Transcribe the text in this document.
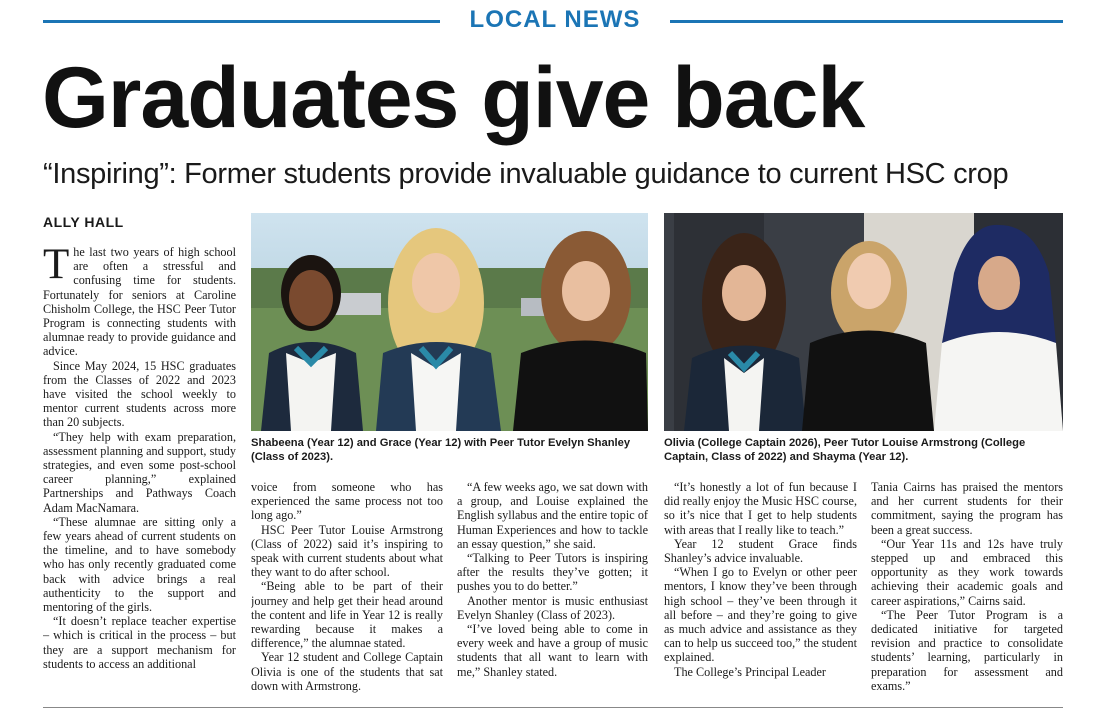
LOCAL NEWS
Graduates give back
“Inspiring”: Former students provide invaluable guidance to current HSC crop
ALLY HALL
T he last two years of high school are often a stressful and confusing time for students. Fortunately for seniors at Caroline Chisholm College, the HSC Peer Tutor Program is connecting students with alumnae ready to provide guidance and advice.

Since May 2024, 15 HSC graduates from the Classes of 2022 and 2023 have visited the school weekly to mentor current students across more than 20 subjects.

“They help with exam preparation, assessment planning and support, study strategies, and even some post-school career planning,” explained Partnerships and Pathways Coach Adam MacNamara.

“These alumnae are sitting only a few years ahead of current students on the timeline, and to have somebody who has only recently graduated come back with advice brings a real authenticity to the support and mentoring of the girls.

“It doesn’t replace teacher expertise – which is critical in the process – but they are a support mechanism for students to access an additional

Shabeena (Year 12) and Grace (Year 12) with Peer Tutor Evelyn Shanley (Class of 2023).
Olivia (College Captain 2026), Peer Tutor Louise Armstrong (College Captain, Class of 2022) and Shayma (Year 12).

voice from someone who has experienced the same process not too long ago.”

HSC Peer Tutor Louise Armstrong (Class of 2022) said it’s inspiring to speak with current students about what they want to do after school.

“Being able to be part of their journey and help get their head around the content and life in Year 12 is really rewarding because it makes a difference,” the alumnae stated.

Year 12 student and College Captain Olivia is one of the students that sat down with Armstrong.

“A few weeks ago, we sat down with a group, and Louise explained the English syllabus and the entire topic of Human Experiences and how to tackle an essay question,” she said.

“Talking to Peer Tutors is inspiring after the results they’ve gotten; it pushes you to do better.”

Another mentor is music enthusiast Evelyn Shanley (Class of 2023).

“I’ve loved being able to come in every week and have a group of music students that all want to learn with me,” Shanley stated.

“It’s honestly a lot of fun because I did really enjoy the Music HSC course, so it’s nice that I get to help students with areas that I really like to teach.”

Year 12 student Grace finds Shanley’s advice invaluable.

“When I go to Evelyn or other peer mentors, I know they’ve been through high school – they’ve been through it all before – and they’re going to give as much advice and assistance as they can to help us succeed too,” the student explained.

The College’s Principal Leader

Tania Cairns has praised the mentors and her current students for their commitment, saying the program has been a great success.

“Our Year 11s and 12s have truly stepped up and embraced this opportunity as they work towards achieving their academic goals and career aspirations,” Cairns said.

“The Peer Tutor Program is a dedicated initiative for targeted revision and practice to consolidate students’ learning, particularly in preparation for assessment and exams.”
